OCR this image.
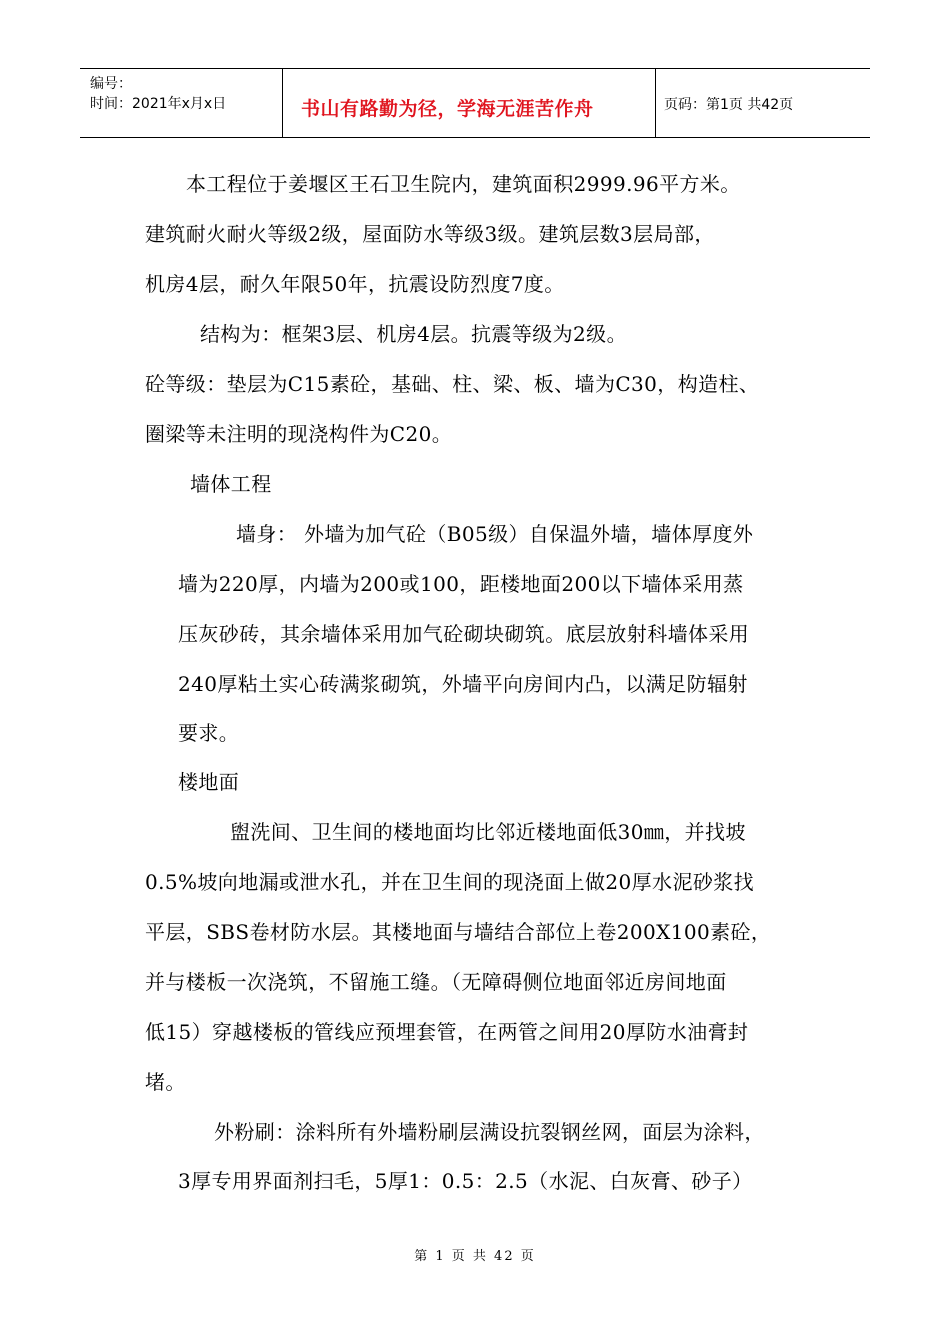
编号：
时间：2021年x月x日	书山有路勤为径，学海无涯苦作舟	页码：第1页 共42页
本工程位于姜堰区王石卫生院内，建筑面积2999.96平方米。
建筑耐火耐火等级2级，屋面防水等级3级。建筑层数3层局部，
机房4层，耐久年限50年，抗震设防烈度7度。
结构为：框架3层、机房4层。抗震等级为2级。
砼等级：垫层为C15素砼，基础、柱、梁、板、墙为C30，构造柱、
圈梁等未注明的现浇构件为C20。
墙体工程
墙身： 外墙为加气砼（B05级）自保温外墙，墙体厚度外
墙为220厚，内墙为200或100，距楼地面200以下墙体采用蒸
压灰砂砖，其余墙体采用加气砼砌块砌筑。底层放射科墙体采用
240厚粘土实心砖满浆砌筑，外墙平向房间内凸，以满足防辐射
要求。
楼地面
盥洗间、卫生间的楼地面均比邻近楼地面低30㎜，并找坡
0.5%坡向地漏或泄水孔，并在卫生间的现浇面上做20厚水泥砂浆找
平层，SBS卷材防水层。其楼地面与墙结合部位上卷200X100素砼，
并与楼板一次浇筑，不留施工缝。（无障碍侧位地面邻近房间地面
低15）穿越楼板的管线应预埋套管，在两管之间用20厚防水油膏封
堵。
外粉刷：涂料所有外墙粉刷层满设抗裂钢丝网，面层为涂料，
3厚专用界面剂扫毛，5厚1：0.5：2.5（水泥、白灰膏、砂子）
第 1 页 共 42 页
